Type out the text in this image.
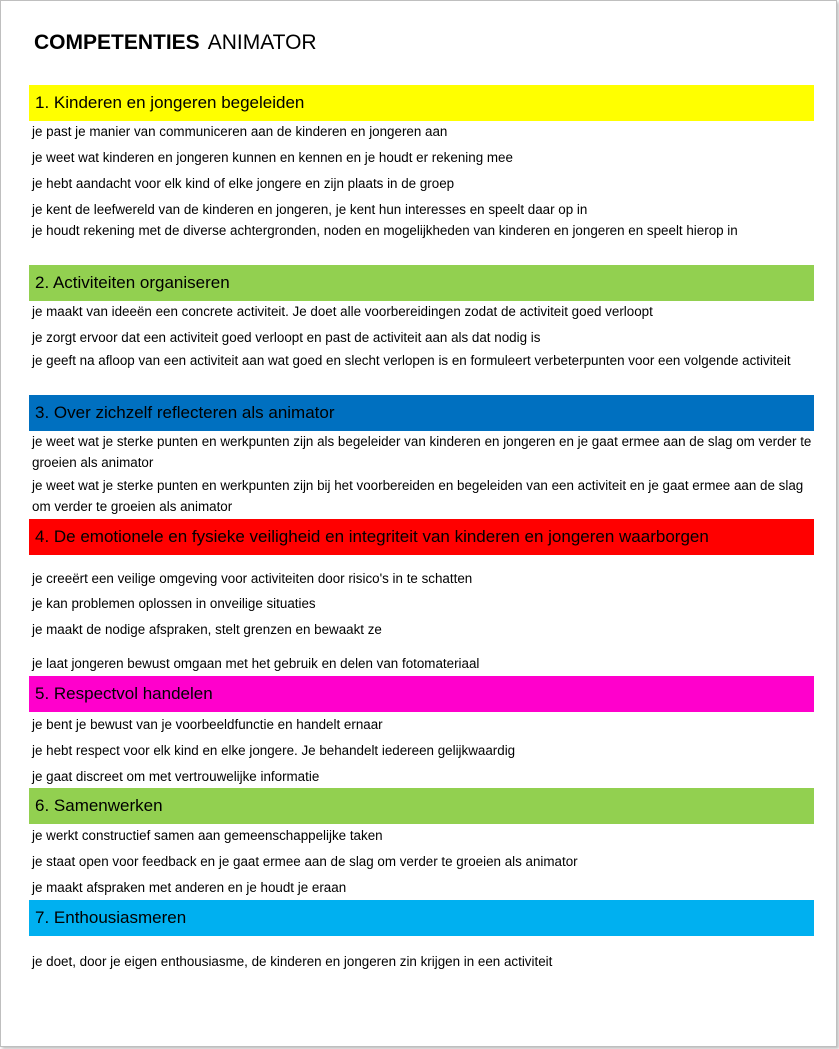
COMPETENTIES ANIMATOR
1. Kinderen en jongeren begeleiden
je past je manier van communiceren aan de kinderen en jongeren aan
je weet wat kinderen en jongeren kunnen en kennen en je houdt er rekening mee
je hebt aandacht voor elk kind of elke jongere en zijn plaats in de groep
je kent de leefwereld van de kinderen en jongeren, je kent hun interesses en speelt daar op in
je houdt rekening met de diverse achtergronden, noden en mogelijkheden van kinderen en jongeren en speelt hierop in
2. Activiteiten organiseren
je maakt van ideeën een concrete activiteit. Je doet alle voorbereidingen zodat de activiteit goed verloopt
je zorgt ervoor dat een activiteit goed verloopt en past de activiteit aan als dat nodig is
je geeft na afloop van een activiteit aan wat goed en slecht verlopen is en formuleert verbeterpunten voor een volgende activiteit
3. Over zichzelf reflecteren als animator
je weet wat je sterke punten en werkpunten zijn als begeleider van kinderen en jongeren en je gaat ermee aan de slag om verder te groeien als animator
je weet wat je sterke punten en werkpunten zijn bij het voorbereiden en begeleiden van een activiteit en je gaat ermee aan de slag om verder te groeien als animator
4. De emotionele en fysieke veiligheid en integriteit van kinderen en jongeren waarborgen
je creeërt een veilige omgeving voor activiteiten door risico's in te schatten
je kan problemen oplossen in onveilige situaties
je maakt de nodige afspraken, stelt grenzen en bewaakt ze
je laat jongeren bewust omgaan met het gebruik en delen van fotomateriaal
5. Respectvol handelen
je bent je bewust van je voorbeeldfunctie en handelt ernaar
je hebt respect voor elk kind en elke jongere. Je behandelt iedereen gelijkwaardig
je gaat discreet om met vertrouwelijke informatie
6. Samenwerken
je werkt constructief samen aan gemeenschappelijke taken
je staat open voor feedback en je gaat ermee aan de slag om verder te groeien als animator
je maakt afspraken met anderen en je houdt je eraan
7. Enthousiasmeren
je doet, door je eigen enthousiasme, de kinderen en jongeren zin krijgen in een activiteit
